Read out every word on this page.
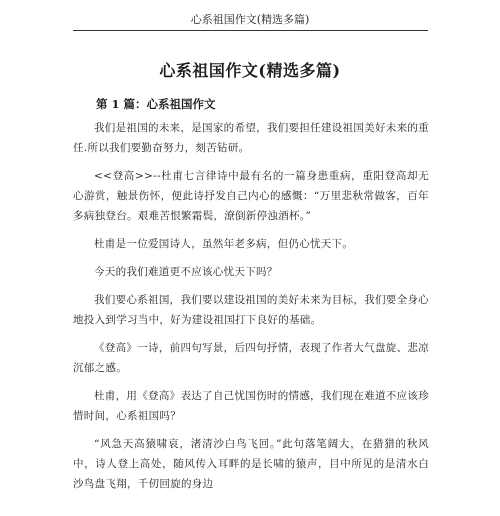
心系祖国作文(精选多篇)
心系祖国作文(精选多篇)
第 1 篇：心系祖国作文

我们是祖国的未来，是国家的希望，我们要担任建设祖国美好未来的重任.所以我们要勤奋努力，刻苦钻研。

<<登高>>--杜甫七言律诗中最有名的一篇身患重病，重阳登高却无心游赏，触景伤怀，便此诗抒发自己内心的感慨：“万里悲秋常做客，百年多病独登台。艰难苦恨繁霜鬓，潦倒新停浊酒杯。”

杜甫是一位爱国诗人，虽然年老多病，但仍心忧天下。

今天的我们难道更不应该心忧天下吗？

我们要心系祖国，我们要以建设祖国的美好未来为目标，我们要全身心地投入到学习当中，好为建设祖国打下良好的基础。

《登高》一诗，前四句写景，后四句抒情，表现了作者大气盘旋、悲凉沉郁之感。

杜甫，用《登高》表达了自己忧国伤时的情感，我们现在难道不应该珍惜时间，心系祖国吗？

“风急天高猿啸哀，渚清沙白鸟飞回。”此句落笔阔大，在猎猎的秋风中，诗人登上高处，随风传入耳畔的是长啸的猿声，目中所见的是清水白沙鸟盘飞翔，千仞回旋的身边
